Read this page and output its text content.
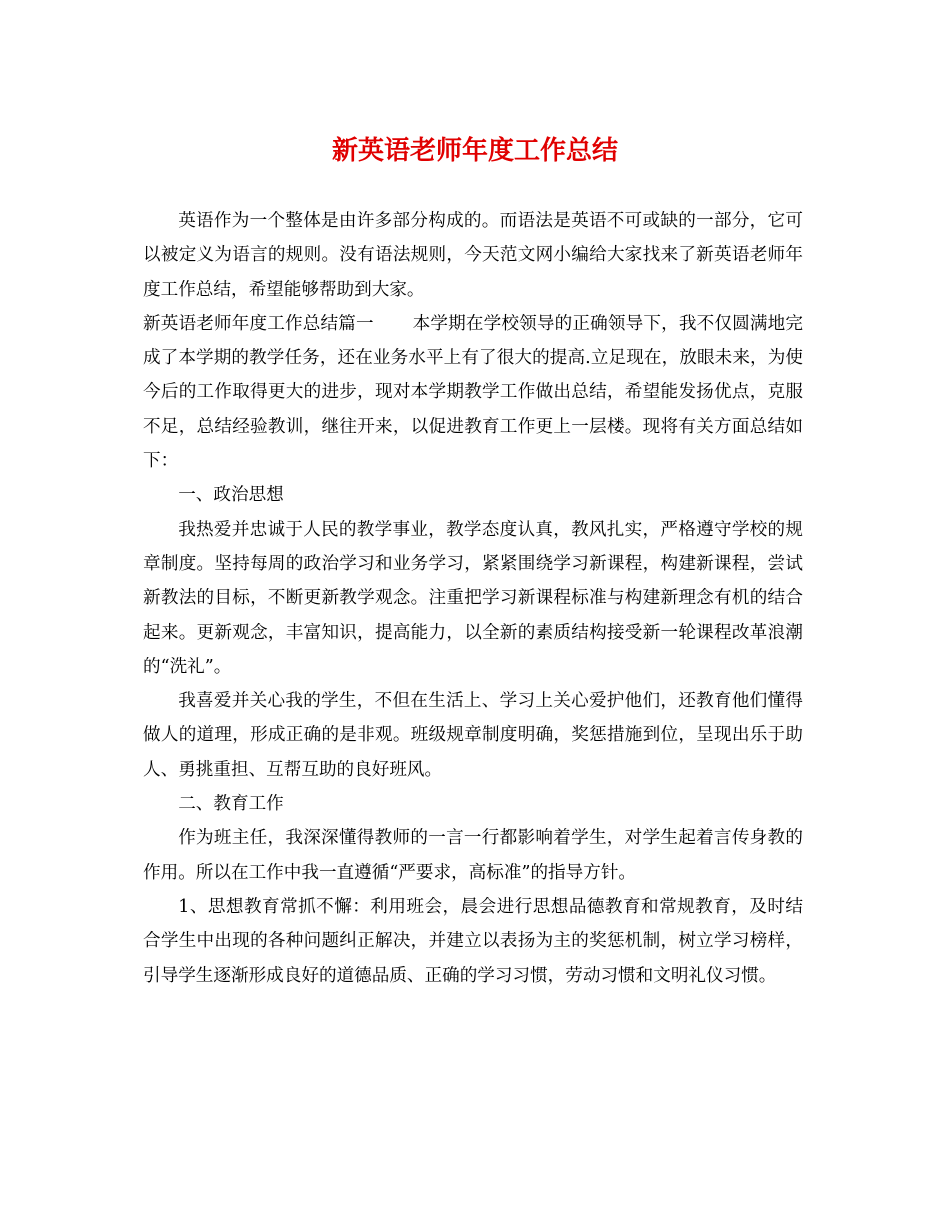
新英语老师年度工作总结

英语作为一个整体是由许多部分构成的。而语法是英语不可或缺的一部分，它可以被定义为语言的规则。没有语法规则，今天范文网小编给大家找来了新英语老师年度工作总结，希望能够帮助到大家。

新英语老师年度工作总结篇一 本学期在学校领导的正确领导下，我不仅圆满地完成了本学期的教学任务，还在业务水平上有了很大的提高.立足现在，放眼未来，为使今后的工作取得更大的进步，现对本学期教学工作做出总结，希望能发扬优点，克服不足，总结经验教训，继往开来，以促进教育工作更上一层楼。现将有关方面总结如下：

一、政治思想

我热爱并忠诚于人民的教学事业，教学态度认真，教风扎实，严格遵守学校的规章制度。坚持每周的政治学习和业务学习，紧紧围绕学习新课程，构建新课程，尝试新教法的目标，不断更新教学观念。注重把学习新课程标准与构建新理念有机的结合起来。更新观念，丰富知识，提高能力，以全新的素质结构接受新一轮课程改革浪潮的“洗礼”。

我喜爱并关心我的学生，不但在生活上、学习上关心爱护他们，还教育他们懂得做人的道理，形成正确的是非观。班级规章制度明确，奖惩措施到位，呈现出乐于助人、勇挑重担、互帮互助的良好班风。

二、教育工作

作为班主任，我深深懂得教师的一言一行都影响着学生，对学生起着言传身教的作用。所以在工作中我一直遵循“严要求，高标准”的指导方针。

1、思想教育常抓不懈：利用班会，晨会进行思想品德教育和常规教育，及时结合学生中出现的各种问题纠正解决，并建立以表扬为主的奖惩机制，树立学习榜样，引导学生逐渐形成良好的道德品质、正确的学习习惯，劳动习惯和文明礼仪习惯。
